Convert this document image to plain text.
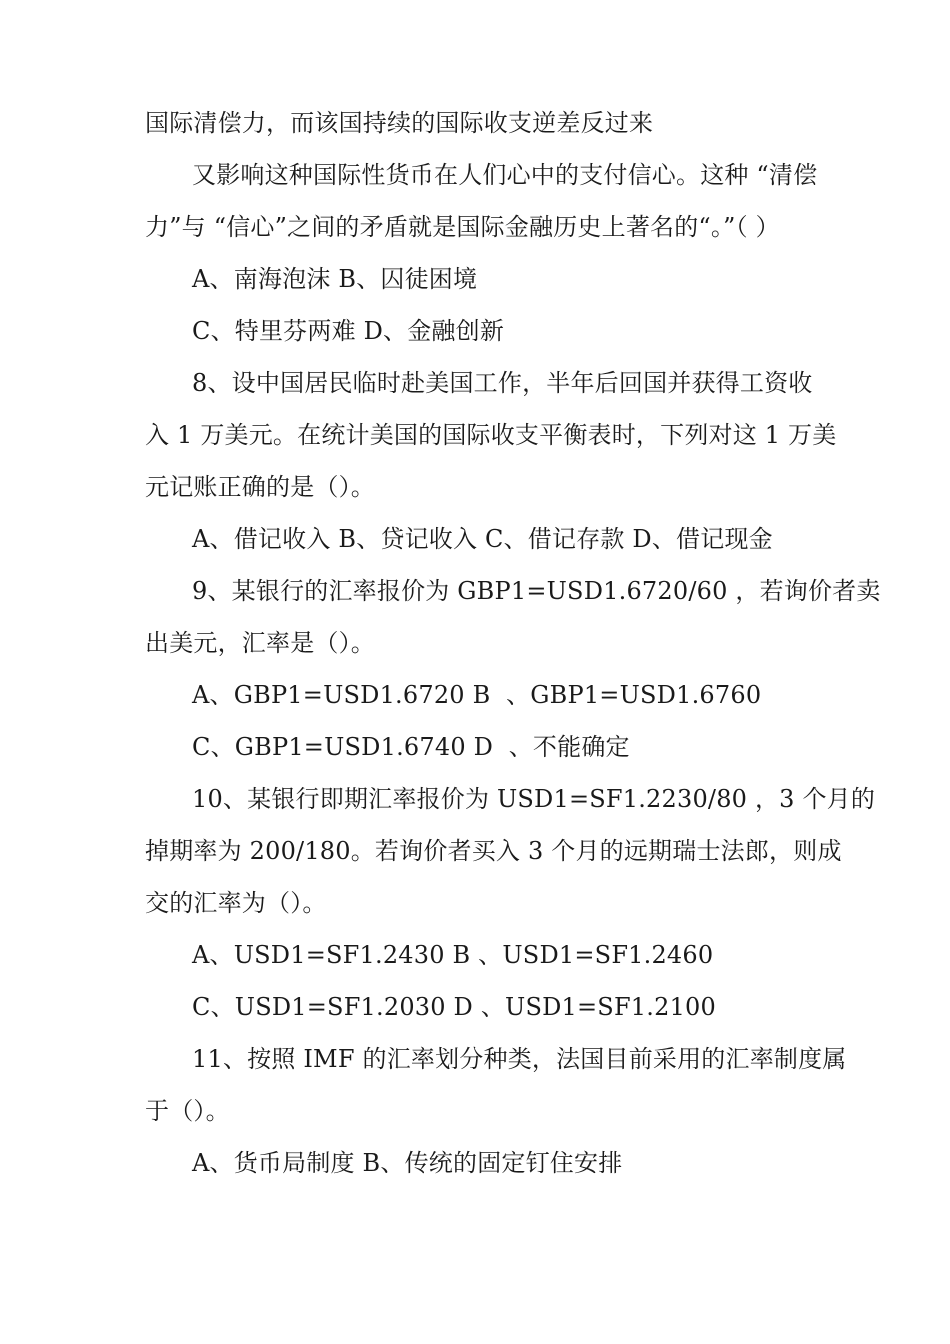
国际清偿力，而该国持续的国际收支逆差反过来
又影响这种国际性货币在人们心中的支付信心。这种 “清偿
力”与 “信心”之间的矛盾就是国际金融历史上著名的“。”（ ）
A、南海泡沫 B、囚徒困境
C、特里芬两难 D、金融创新
8、设中国居民临时赴美国工作，半年后回国并获得工资收
入 1 万美元。在统计美国的国际收支平衡表时，下列对这 1 万美
元记账正确的是（）。
A、借记收入 B、贷记收入 C、借记存款 D、借记现金
9、某银行的汇率报价为 GBP1=USD1.6720/60 ，若询价者卖
出美元，汇率是（）。
A、GBP1=USD1.6720 B  、GBP1=USD1.6760
C、GBP1=USD1.6740 D  、不能确定
10、某银行即期汇率报价为 USD1=SF1.2230/80 ，3 个月的
掉期率为 200/180。若询价者买入 3 个月的远期瑞士法郎，则成
交的汇率为（）。
A、USD1=SF1.2430 B 、USD1=SF1.2460
C、USD1=SF1.2030 D 、USD1=SF1.2100
11、按照 IMF 的汇率划分种类，法国目前采用的汇率制度属
于（）。
A、货币局制度 B、传统的固定钉住安排
